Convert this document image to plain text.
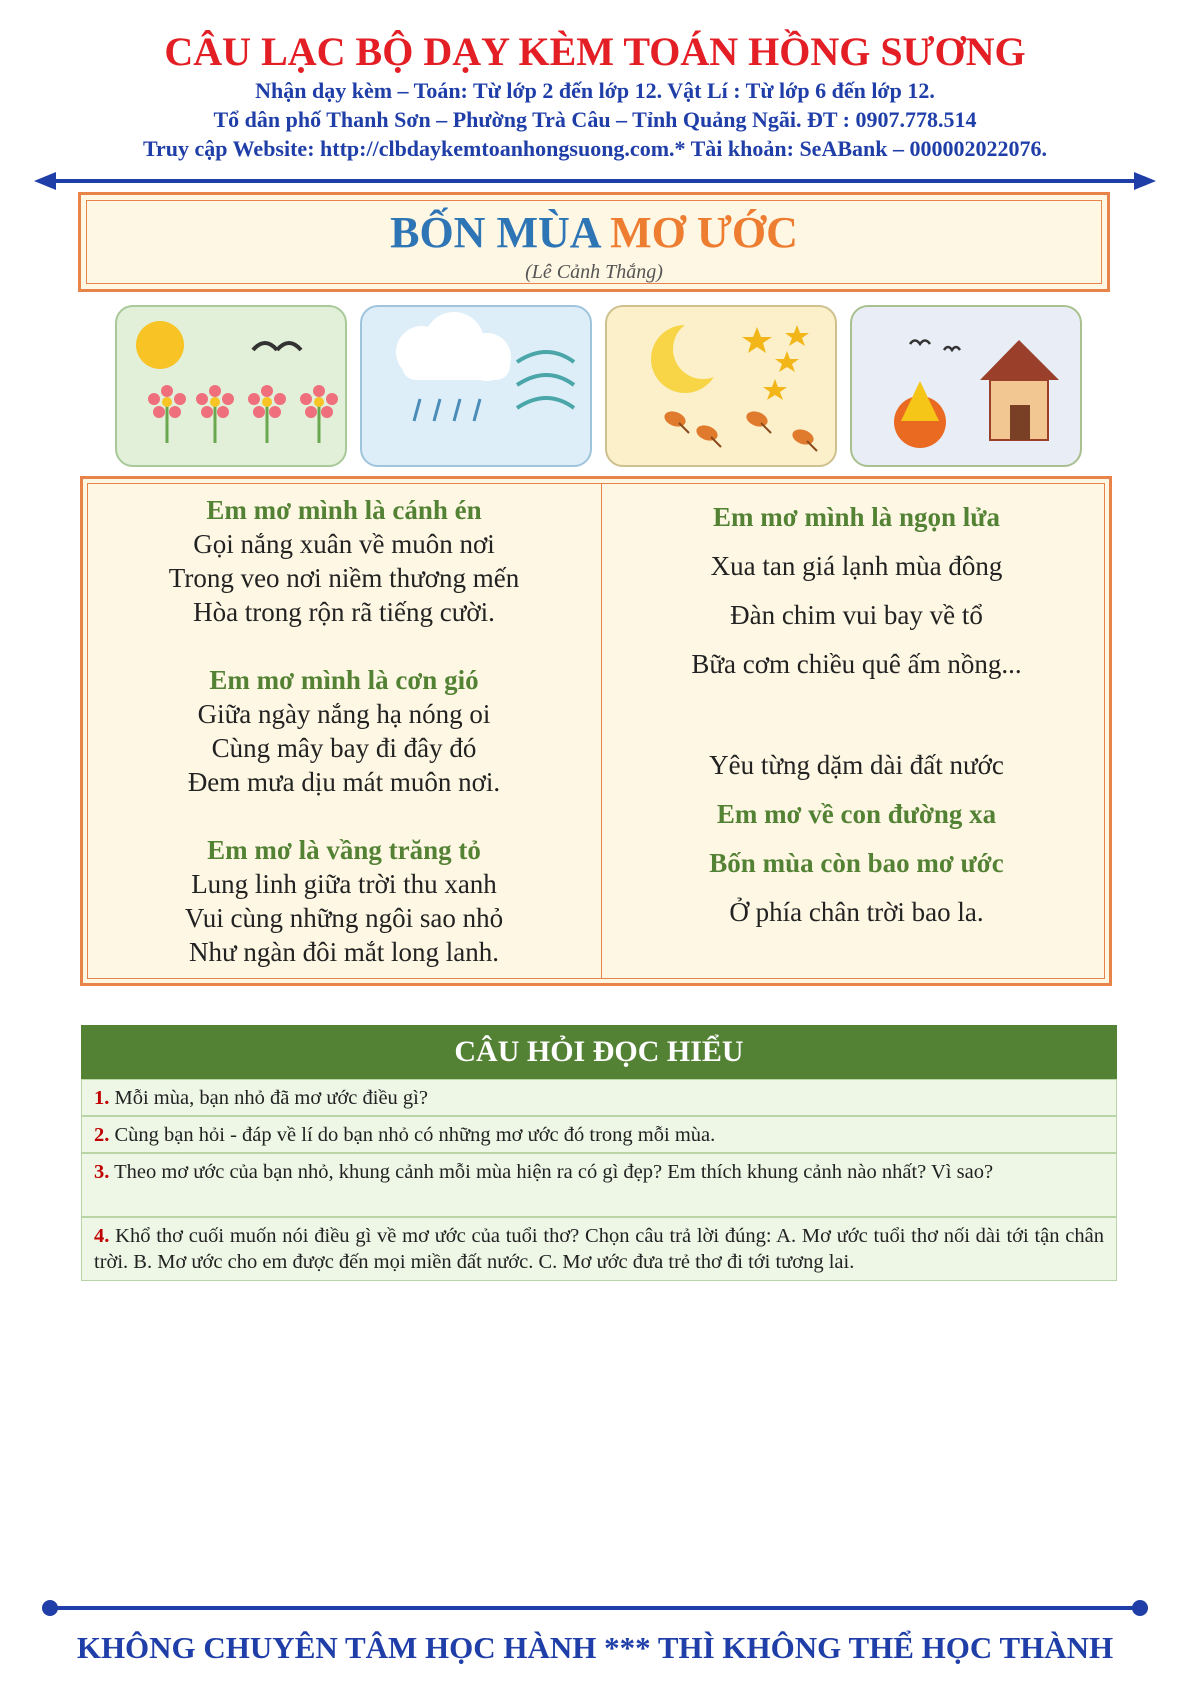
CÂU LẠC BỘ DẠY KÈM TOÁN HỒNG SƯƠNG
Nhận dạy kèm – Toán: Từ lớp 2 đến lớp 12. Vật Lí : Từ lớp 6 đến lớp 12.
Tổ dân phố Thanh Sơn – Phường Trà Câu – Tỉnh Quảng Ngãi. ĐT : 0907.778.514
Truy cập Website: http://clbdaykemtoanhongsuong.com.* Tài khoản: SeABank – 000002022076.
BỐN MÙA MƠ ƯỚC
(Lê Cảnh Thắng)
Em mơ mình là cánh én
Gọi nắng xuân về muôn nơi
Trong veo nơi niềm thương mến
Hòa trong rộn rã tiếng cười.
Em mơ mình là cơn gió
Giữa ngày nắng hạ nóng oi
Cùng mây bay đi đây đó
Đem mưa dịu mát muôn nơi.
Em mơ là vầng trăng tỏ
Lung linh giữa trời thu xanh
Vui cùng những ngôi sao nhỏ
Như ngàn đôi mắt long lanh.
Em mơ mình là ngọn lửa
Xua tan giá lạnh mùa đông
Đàn chim vui bay về tổ
Bữa cơm chiều quê ấm nồng...
Yêu từng dặm dài đất nước
Em mơ về con đường xa
Bốn mùa còn bao mơ ước
Ở phía chân trời bao la.
CÂU HỎI ĐỌC HIỂU
1. Mỗi mùa, bạn nhỏ đã mơ ước điều gì?
2. Cùng bạn hỏi - đáp về lí do bạn nhỏ có những mơ ước đó trong mỗi mùa.
3. Theo mơ ước của bạn nhỏ, khung cảnh mỗi mùa hiện ra có gì đẹp? Em thích khung cảnh nào nhất? Vì sao?
4. Khổ thơ cuối muốn nói điều gì về mơ ước của tuổi thơ? Chọn câu trả lời đúng: A. Mơ ước tuổi thơ nối dài tới tận chân trời. B. Mơ ước cho em được đến mọi miền đất nước. C. Mơ ước đưa trẻ thơ đi tới tương lai.
KHÔNG CHUYÊN TÂM HỌC HÀNH *** THÌ KHÔNG THỂ HỌC THÀNH
